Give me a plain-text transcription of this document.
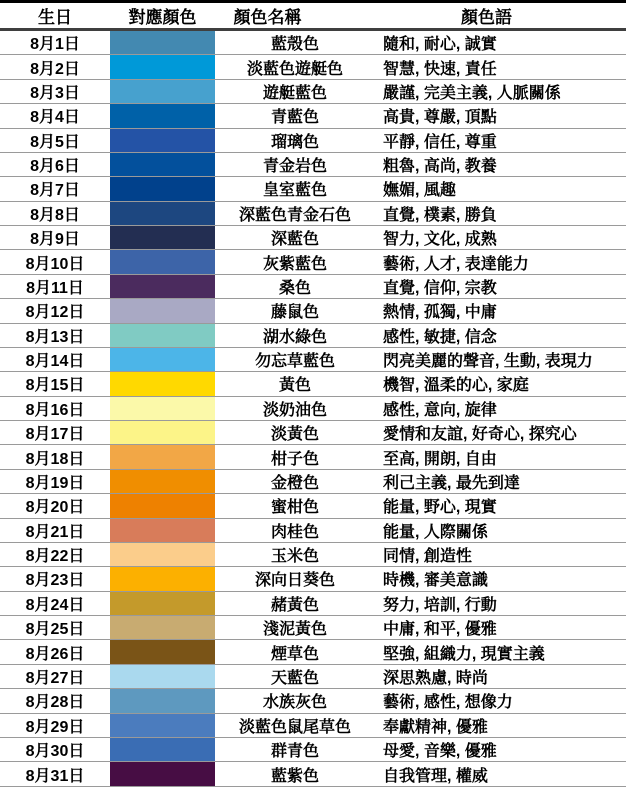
生日	對應顏色	顏色名稱	顏色語
8月1日		藍殼色	隨和, 耐心, 誠實
8月2日		淡藍色遊艇色	智慧, 快速, 責任
8月3日		遊艇藍色	嚴謹, 完美主義, 人脈關係
8月4日		青藍色	高貴, 尊嚴, 頂點
8月5日		瑠璃色	平靜, 信任, 尊重
8月6日		青金岩色	粗魯, 高尚, 教養
8月7日		皇室藍色	嫵媚, 風趣
8月8日		深藍色青金石色	直覺, 樸素, 勝負
8月9日		深藍色	智力, 文化, 成熟
8月10日		灰紫藍色	藝術, 人才, 表達能力
8月11日		桑色	直覺, 信仰, 宗教
8月12日		藤鼠色	熱情, 孤獨, 中庸
8月13日		湖水綠色	感性, 敏捷, 信念
8月14日		勿忘草藍色	閃亮美麗的聲音, 生動, 表現力
8月15日		黃色	機智, 溫柔的心, 家庭
8月16日		淡奶油色	感性, 意向, 旋律
8月17日		淡黃色	愛情和友誼, 好奇心, 探究心
8月18日		柑子色	至高, 開朗, 自由
8月19日		金橙色	利己主義, 最先到達
8月20日		蜜柑色	能量, 野心, 現實
8月21日		肉桂色	能量, 人際關係
8月22日		玉米色	同情, 創造性
8月23日		深向日葵色	時機, 審美意識
8月24日		赭黃色	努力, 培訓, 行動
8月25日		淺泥黃色	中庸, 和平, 優雅
8月26日		煙草色	堅強, 組織力, 現實主義
8月27日		天藍色	深思熟慮, 時尚
8月28日		水族灰色	藝術, 感性, 想像力
8月29日		淡藍色鼠尾草色	奉獻精神, 優雅
8月30日		群青色	母愛, 音樂, 優雅
8月31日		藍紫色	自我管理, 權威
